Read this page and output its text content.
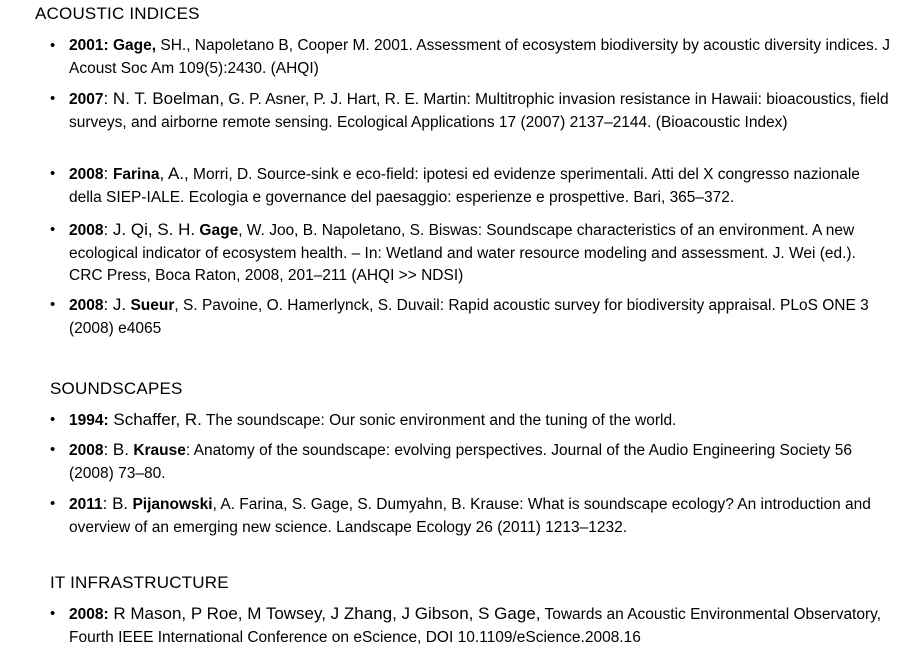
ACOUSTIC INDICES
• 2001: Gage, SH., Napoletano B, Cooper M. 2001. Assessment of ecosystem biodiversity by acoustic diversity indices. J Acoust Soc Am 109(5):2430. (AHQI)
• 2007: N. T. Boelman, G. P. Asner, P. J. Hart, R. E. Martin: Multitrophic invasion resistance in Hawaii: bioacoustics, field surveys, and airborne remote sensing. Ecological Applications 17 (2007) 2137–2144. (Bioacoustic Index)
• 2008: Farina, A., Morri, D. Source-sink e eco-field: ipotesi ed evidenze sperimentali. Atti del X congresso nazionale della SIEP-IALE. Ecologia e governance del paesaggio: esperienze e prospettive. Bari, 365–372.
• 2008: J. Qi, S. H. Gage, W. Joo, B. Napoletano, S. Biswas: Soundscape characteristics of an environment. A new ecological indicator of ecosystem health. – In: Wetland and water resource modeling and assessment. J. Wei (ed.). CRC Press, Boca Raton, 2008, 201–211 (AHQI >> NDSI)
• 2008: J. Sueur, S. Pavoine, O. Hamerlynck, S. Duvail: Rapid acoustic survey for biodiversity appraisal. PLoS ONE 3 (2008) e4065
SOUNDSCAPES
• 1994: Schaffer, R. The soundscape: Our sonic environment and the tuning of the world.
• 2008: B. Krause: Anatomy of the soundscape: evolving perspectives. Journal of the Audio Engineering Society 56 (2008) 73–80.
• 2011: B. Pijanowski, A. Farina, S. Gage, S. Dumyahn, B. Krause: What is soundscape ecology? An introduction and overview of an emerging new science. Landscape Ecology 26 (2011) 1213–1232.
IT INFRASTRUCTURE
• 2008: R Mason, P Roe, M Towsey, J Zhang, J Gibson, S Gage, Towards an Acoustic Environmental Observatory, Fourth IEEE International Conference on eScience, DOI 10.1109/eScience.2008.16
